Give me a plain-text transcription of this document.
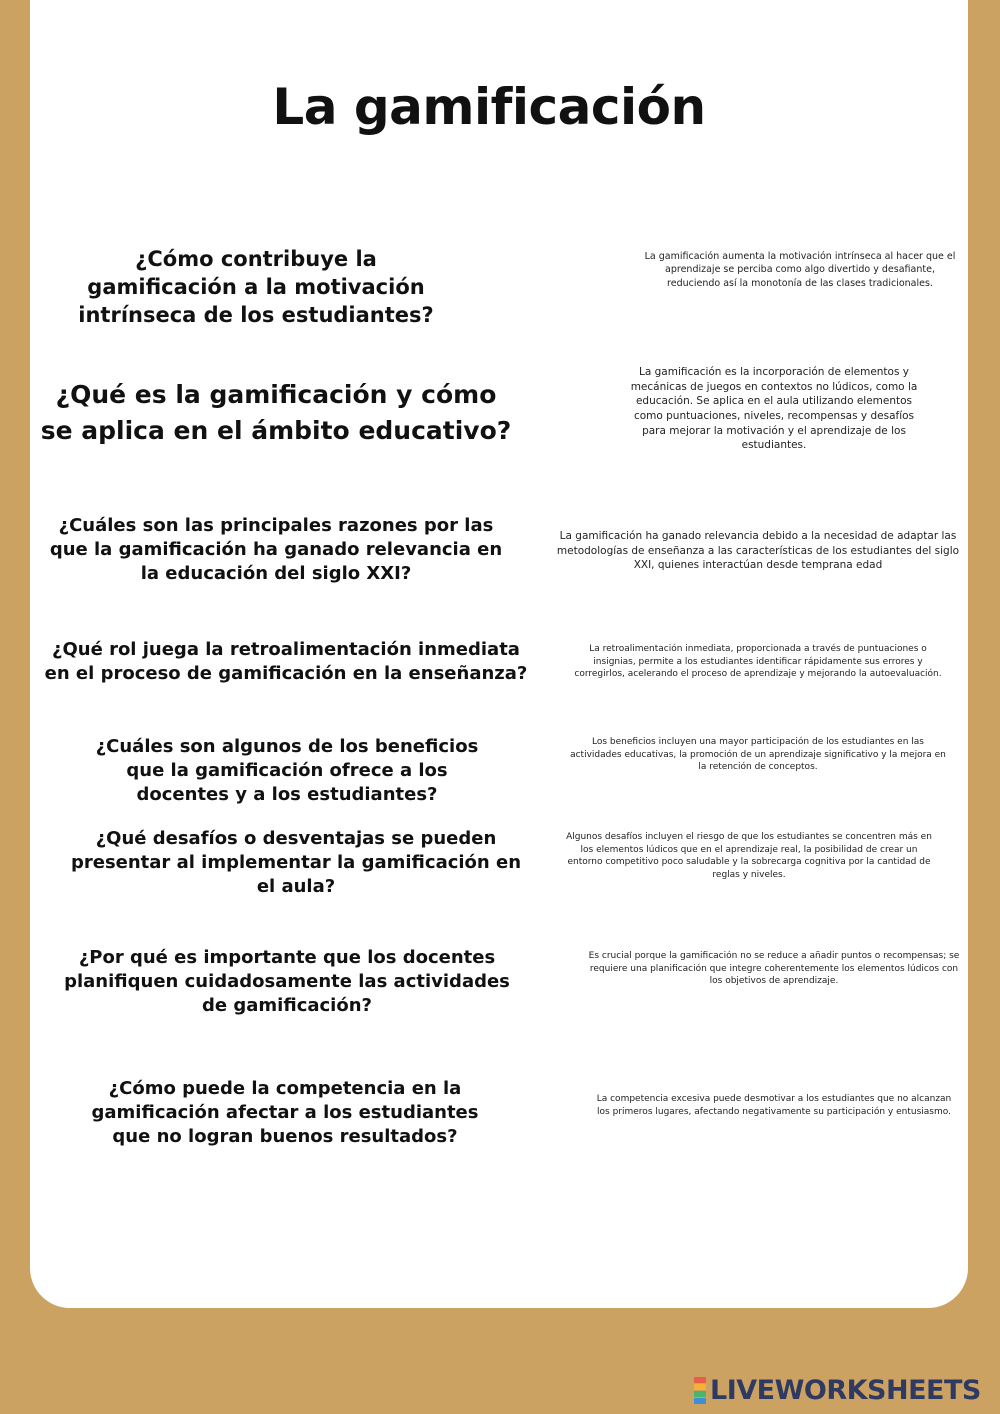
La gamificación
¿Cómo contribuye la gamificación a la motivación intrínseca de los estudiantes?
La gamificación aumenta la motivación intrínseca al hacer que el aprendizaje se perciba como algo divertido y desafiante, reduciendo así la monotonía de las clases tradicionales.
¿Qué es la gamificación y cómo se aplica en el ámbito educativo?
La gamificación es la incorporación de elementos y mecánicas de juegos en contextos no lúdicos, como la educación. Se aplica en el aula utilizando elementos como puntuaciones, niveles, recompensas y desafíos para mejorar la motivación y el aprendizaje de los estudiantes.
¿Cuáles son las principales razones por las que la gamificación ha ganado relevancia en la educación del siglo XXI?
La gamificación ha ganado relevancia debido a la necesidad de adaptar las metodologías de enseñanza a las características de los estudiantes del siglo XXI, quienes interactúan desde temprana edad
¿Qué rol juega la retroalimentación inmediata en el proceso de gamificación en la enseñanza?
La retroalimentación inmediata, proporcionada a través de puntuaciones o insignias, permite a los estudiantes identificar rápidamente sus errores y corregirlos, acelerando el proceso de aprendizaje y mejorando la autoevaluación.
¿Cuáles son algunos de los beneficios que la gamificación ofrece a los docentes y a los estudiantes?
Los beneficios incluyen una mayor participación de los estudiantes en las actividades educativas, la promoción de un aprendizaje significativo y la mejora en la retención de conceptos.
¿Qué desafíos o desventajas se pueden presentar al implementar la gamificación en el aula?
Algunos desafíos incluyen el riesgo de que los estudiantes se concentren más en los elementos lúdicos que en el aprendizaje real, la posibilidad de crear un entorno competitivo poco saludable y la sobrecarga cognitiva por la cantidad de reglas y niveles.
¿Por qué es importante que los docentes planifiquen cuidadosamente las actividades de gamificación?
Es crucial porque la gamificación no se reduce a añadir puntos o recompensas; se requiere una planificación que integre coherentemente los elementos lúdicos con los objetivos de aprendizaje.
¿Cómo puede la competencia en la gamificación afectar a los estudiantes que no logran buenos resultados?
La competencia excesiva puede desmotivar a los estudiantes que no alcanzan los primeros lugares, afectando negativamente su participación y entusiasmo.
LIVEWORKSHEETS
